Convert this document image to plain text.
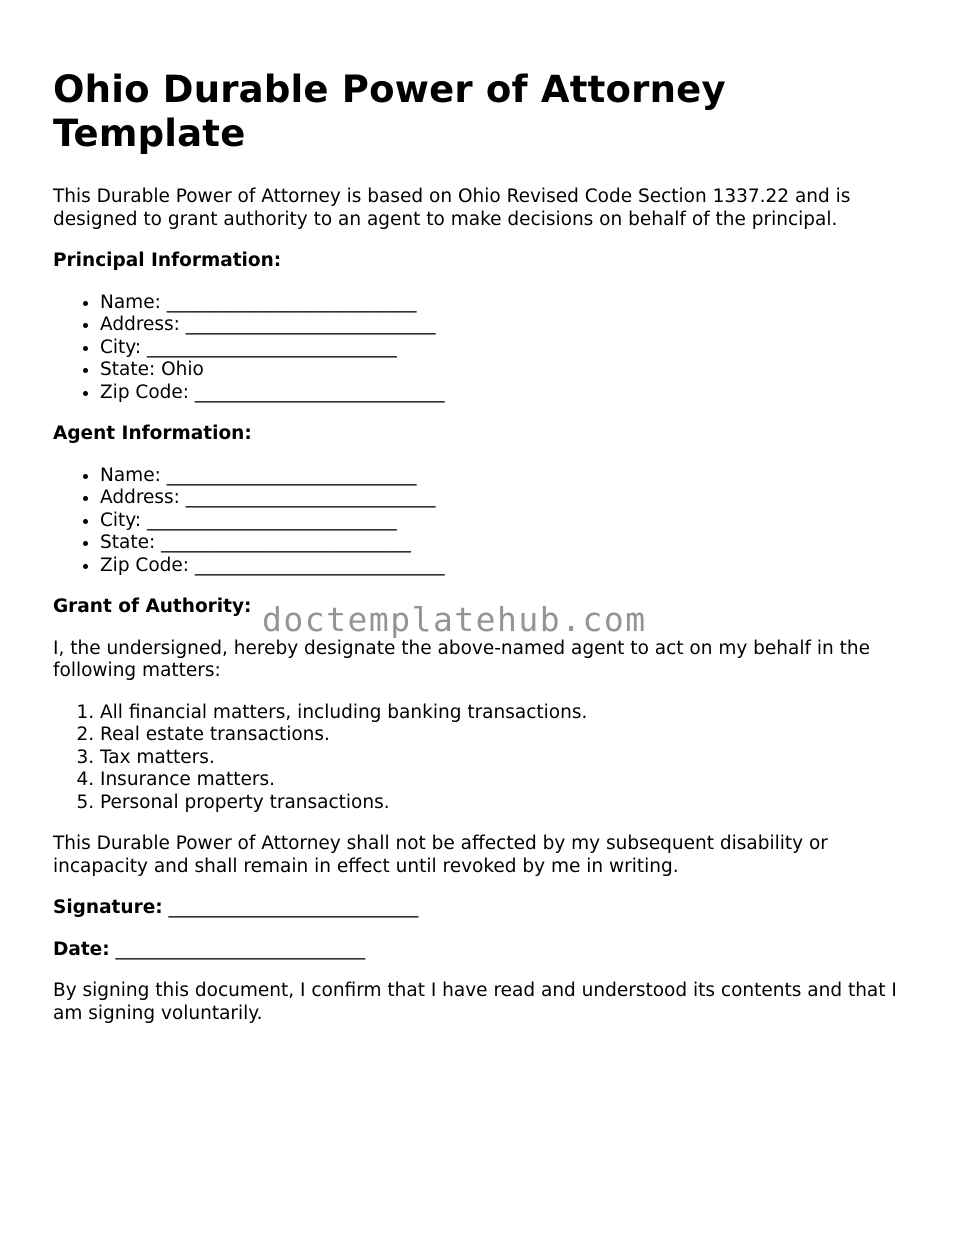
Ohio Durable Power of Attorney Template

This Durable Power of Attorney is based on Ohio Revised Code Section 1337.22 and is designed to grant authority to an agent to make decisions on behalf of the principal.

Principal Information:

• Name: ___________________________
• Address: ___________________________
• City: ___________________________
• State: Ohio
• Zip Code: ___________________________

Agent Information:

• Name: ___________________________
• Address: ___________________________
• City: ___________________________
• State: ___________________________
• Zip Code: ___________________________

Grant of Authority:

I, the undersigned, hereby designate the above-named agent to act on my behalf in the following matters:

1. All financial matters, including banking transactions.
2. Real estate transactions.
3. Tax matters.
4. Insurance matters.
5. Personal property transactions.

This Durable Power of Attorney shall not be affected by my subsequent disability or incapacity and shall remain in effect until revoked by me in writing.

Signature: ___________________________

Date: ___________________________

By signing this document, I confirm that I have read and understood its contents and that I am signing voluntarily.

doctemplatehub.com
